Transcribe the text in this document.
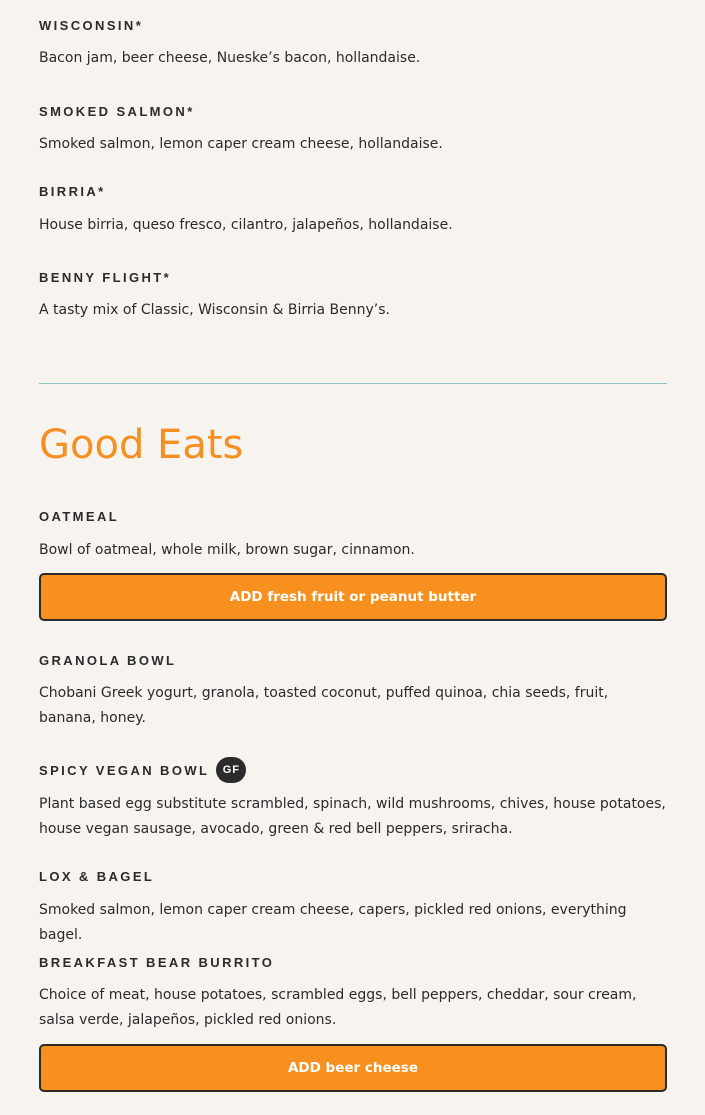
WISCONSIN*
Bacon jam, beer cheese, Nueske’s bacon, hollandaise.
SMOKED SALMON*
Smoked salmon, lemon caper cream cheese, hollandaise.
BIRRIA*
House birria, queso fresco, cilantro, jalapeños, hollandaise.
BENNY FLIGHT*
A tasty mix of Classic, Wisconsin & Birria Benny’s.
Good Eats
OATMEAL
Bowl of oatmeal, whole milk, brown sugar, cinnamon.
ADD fresh fruit or peanut butter
GRANOLA BOWL
Chobani Greek yogurt, granola, toasted coconut, puffed quinoa, chia seeds, fruit, banana, honey.
SPICY VEGAN BOWL	GF
Plant based egg substitute scrambled, spinach, wild mushrooms, chives, house potatoes, house vegan sausage, avocado, green & red bell peppers, sriracha.
LOX & BAGEL
Smoked salmon, lemon caper cream cheese, capers, pickled red onions, everything bagel.
BREAKFAST BEAR BURRITO
Choice of meat, house potatoes, scrambled eggs, bell peppers, cheddar, sour cream, salsa verde, jalapeños, pickled red onions.
ADD beer cheese
